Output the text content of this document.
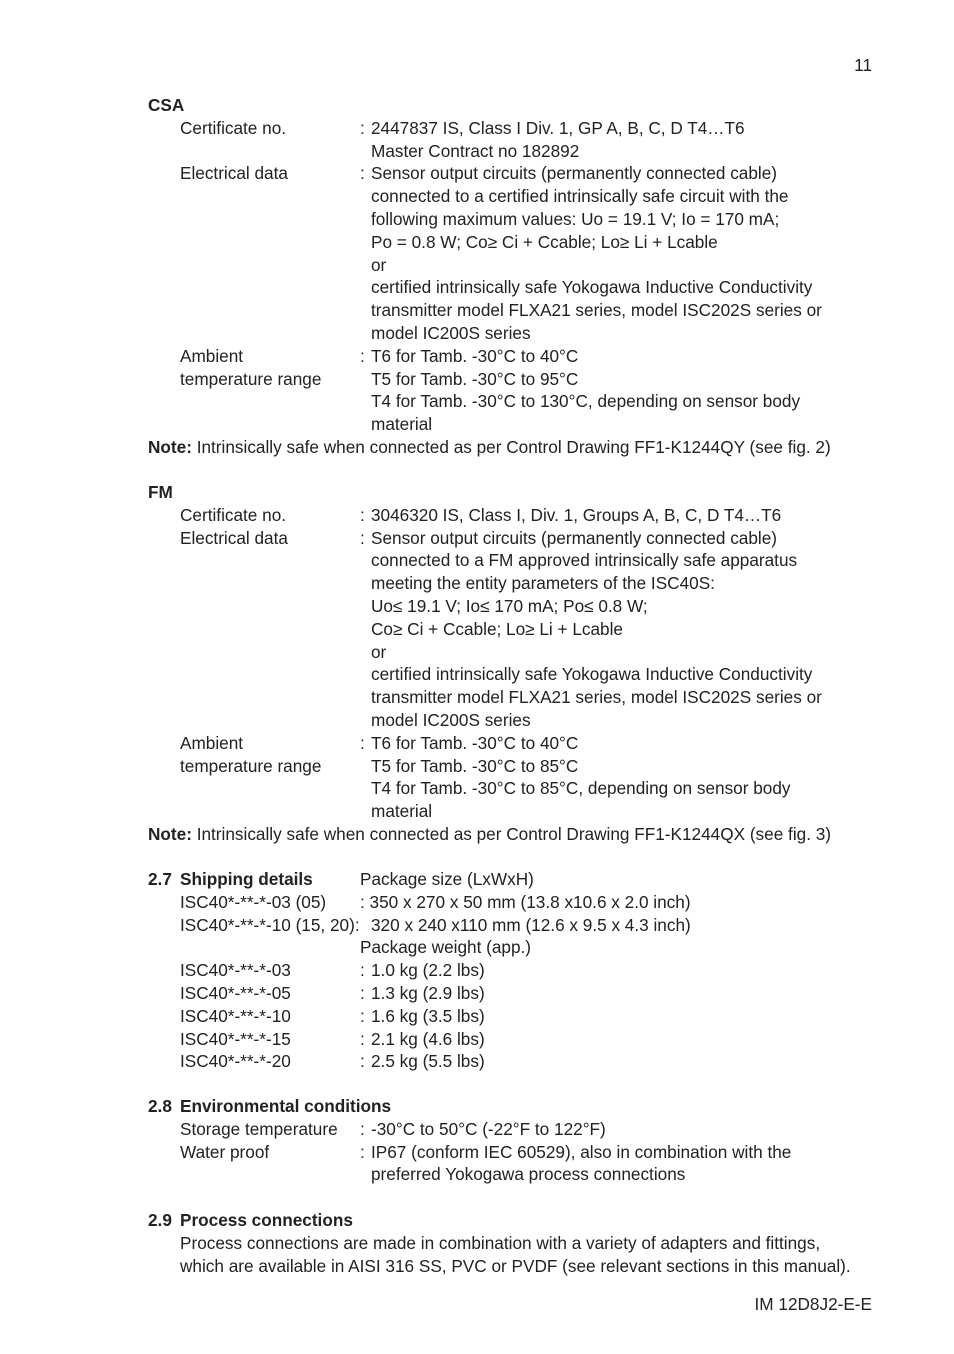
11
CSA
Certificate no.	: 2447837 IS, Class I Div. 1, GP A, B, C, D T4…T6
Master Contract no 182892
Electrical data	: Sensor output circuits (permanently connected cable)
connected to a certified intrinsically safe circuit with the
following maximum values: Uo = 19.1 V; Io = 170 mA;
Po = 0.8 W; Co≥ Ci + Ccable; Lo≥ Li + Lcable
or
certified intrinsically safe Yokogawa Inductive Conductivity
transmitter model FLXA21 series, model ISC202S series or
model IC200S series
Ambient	: T6 for Tamb. -30°C to 40°C
temperature range	T5 for Tamb. -30°C to 95°C
T4 for Tamb. -30°C to 130°C, depending on sensor body
material
Note: Intrinsically safe when connected as per Control Drawing FF1-K1244QY (see fig. 2)
FM
Certificate no.	: 3046320 IS, Class I, Div. 1, Groups A, B, C, D T4…T6
Electrical data	: Sensor output circuits (permanently connected cable)
connected to a FM approved intrinsically safe apparatus
meeting the entity parameters of the ISC40S:
Uo≤ 19.1 V; Io≤ 170 mA; Po≤ 0.8 W;
Co≥ Ci + Ccable; Lo≥ Li + Lcable
or
certified intrinsically safe Yokogawa Inductive Conductivity
transmitter model FLXA21 series, model ISC202S series or
model IC200S series
Ambient	: T6 for Tamb. -30°C to 40°C
temperature range	T5 for Tamb. -30°C to 85°C
T4 for Tamb. -30°C to 85°C, depending on sensor body
material
Note: Intrinsically safe when connected as per Control Drawing FF1-K1244QX (see fig. 3)
2.7 Shipping details	Package size (LxWxH)
ISC40*-**-*-03 (05)	: 350 x 270 x 50 mm (13.8 x10.6 x 2.0 inch)
ISC40*-**-*-10 (15, 20): 320 x 240 x110 mm (12.6 x 9.5 x 4.3 inch)
Package weight (app.)
ISC40*-**-*-03	: 1.0 kg (2.2 lbs)
ISC40*-**-*-05	: 1.3 kg (2.9 lbs)
ISC40*-**-*-10	: 1.6 kg (3.5 lbs)
ISC40*-**-*-15	: 2.1 kg (4.6 lbs)
ISC40*-**-*-20	: 2.5 kg (5.5 lbs)
2.8 Environmental conditions
Storage temperature	: -30°C to 50°C (-22°F to 122°F)
Water proof	: IP67 (conform IEC 60529), also in combination with the
preferred Yokogawa process connections
2.9 Process connections
Process connections are made in combination with a variety of adapters and fittings,
which are available in AISI 316 SS, PVC or PVDF (see relevant sections in this manual).
IM 12D8J2-E-E
